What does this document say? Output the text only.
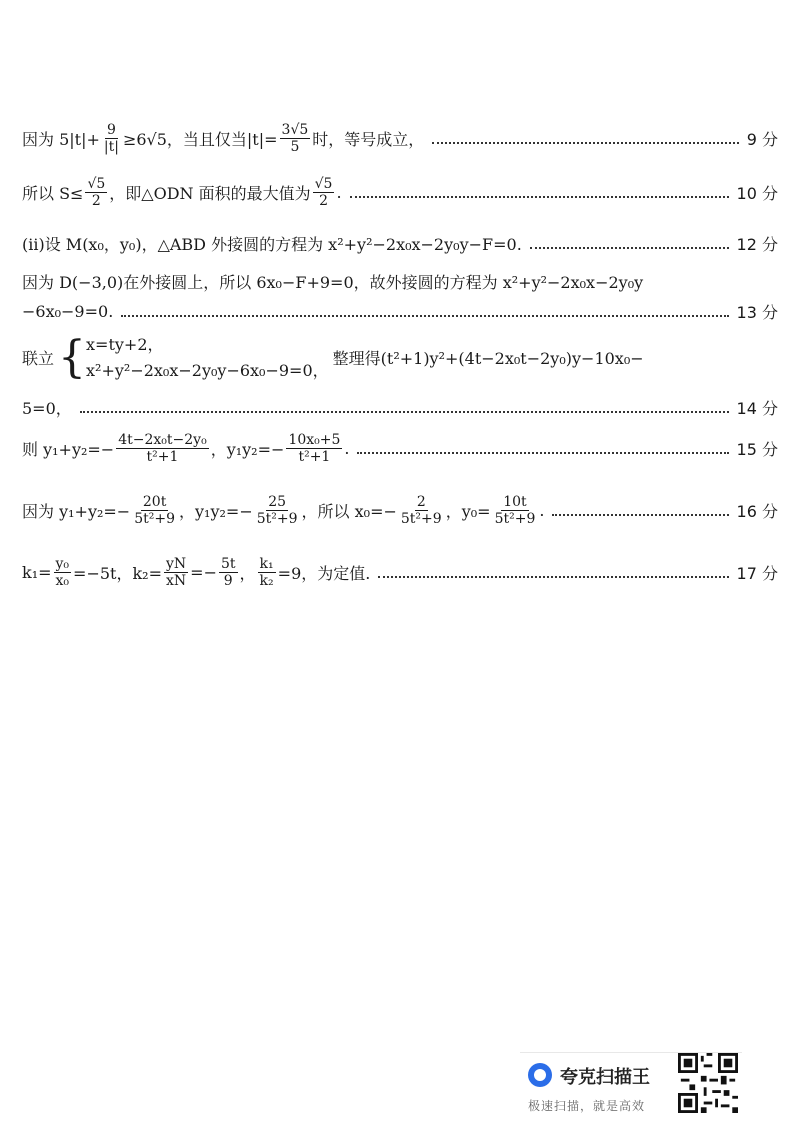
因为 $5|t|+ \frac{9}{|t|} \ge 6√5$，当且仅当$|t|= \frac{3√5}{5}$ 时，等号成立，	9 分
所以 $S\le \frac{√5}{2}$ ，即△ODN 面积的最大值为 $\frac{√5}{2}$ .	10 分
(ii)设 M(x₀，y₀)，△ABD 外接圆的方程为 x²+y²−2x₀x−2y₀y−F=0.	12 分
因为 D(−3,0)在外接圆上，所以 6x₀−F+9=0，故外接圆的方程为 x²+y²−2x₀x−2y₀y
−6x₀−9=0.	13 分
联立 { x=ty+2，
x²+y²−2x₀x−2y₀y−6x₀−9=0，
整理得(t²+1)y²+(4t−2x₀t−2y₀)y−10x₀−
5=0，	14 分
则 $y_1+y_2=- \frac{\text{4t−2x₀t−2y₀}}{\text{t²+1}}$ ，$y_1y_2=- \frac{\text{10x₀+5}}{\text{t²+1}}$ .	15 分
因为 $y_1+y_2=- \frac{20t}{\text{5t²+9}}$ ，$y_1y_2=- \frac{25}{\text{5t²+9}}$ ，所以 $x_0=- \frac{2}{\text{5t²+9}}$ ，$y_0= \frac{10t}{\text{5t²+9}}$ .	16 分
$k_1= \frac{\text{y₀}}{\text{x₀}} =-5t$，$k_2= \frac{yN}{xN} =- \frac{5t}{9}$ ， $\frac{\text{k₁}}{\text{k₂}} =9$，为定值.	17 分
夸克扫描王
极速扫描，就是高效
